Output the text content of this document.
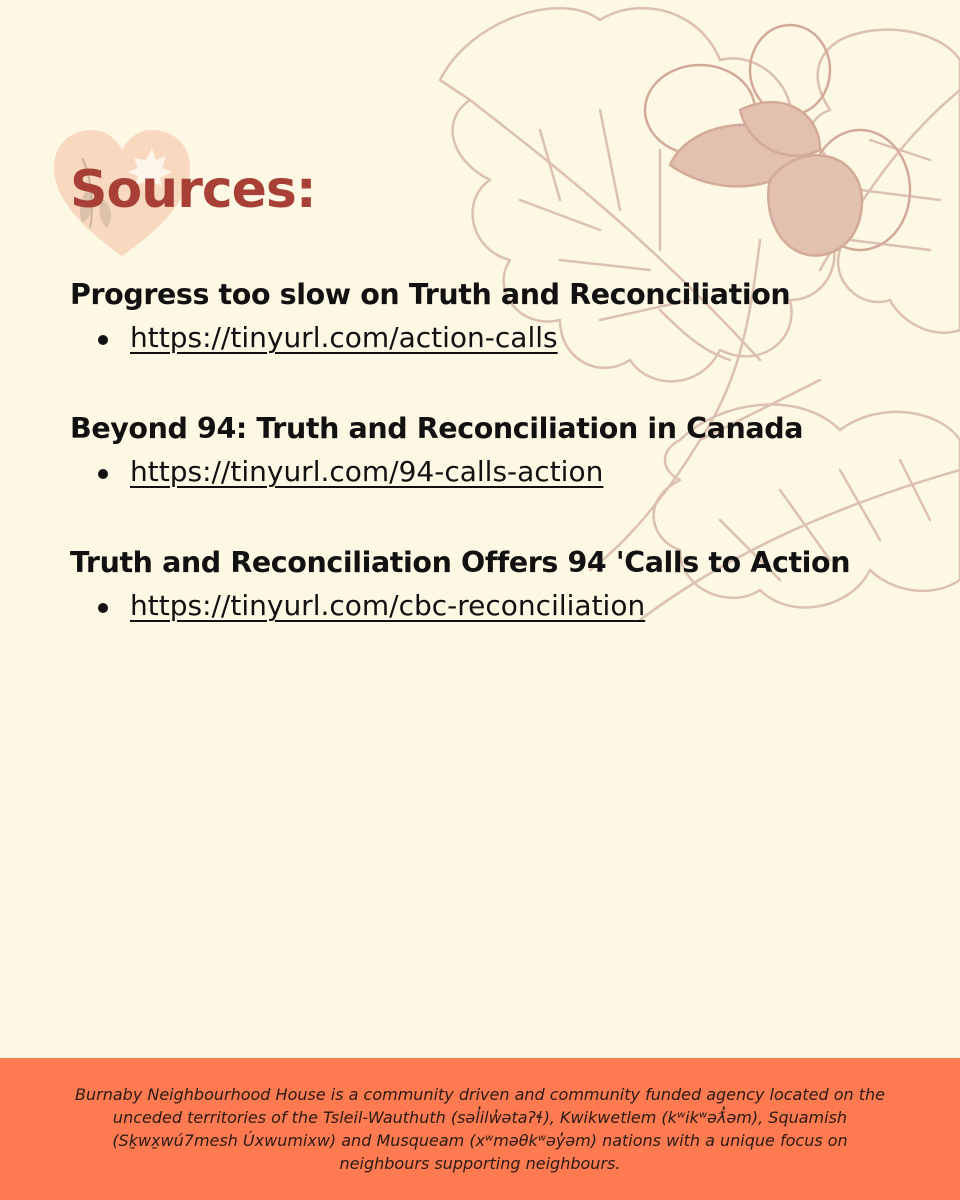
Sources:

Progress too slow on Truth and Reconciliation

https://tinyurl.com/action-calls

Beyond 94: Truth and Reconciliation in Canada

https://tinyurl.com/94-calls-action

Truth and Reconciliation Offers 94 'Calls to Action

https://tinyurl.com/cbc-reconciliation

Burnaby Neighbourhood House is a community driven and community funded agency located on the unceded territories of the Tsleil-Wauthuth (səl̓ilw̓ətaʔɬ), Kwikwetlem (kʷikʷəƛ̓əm), Squamish (Sḵwx̱wú7mesh Úxwumixw) and Musqueam (xʷməθkʷəy̓əm) nations with a unique focus on neighbours supporting neighbours.
